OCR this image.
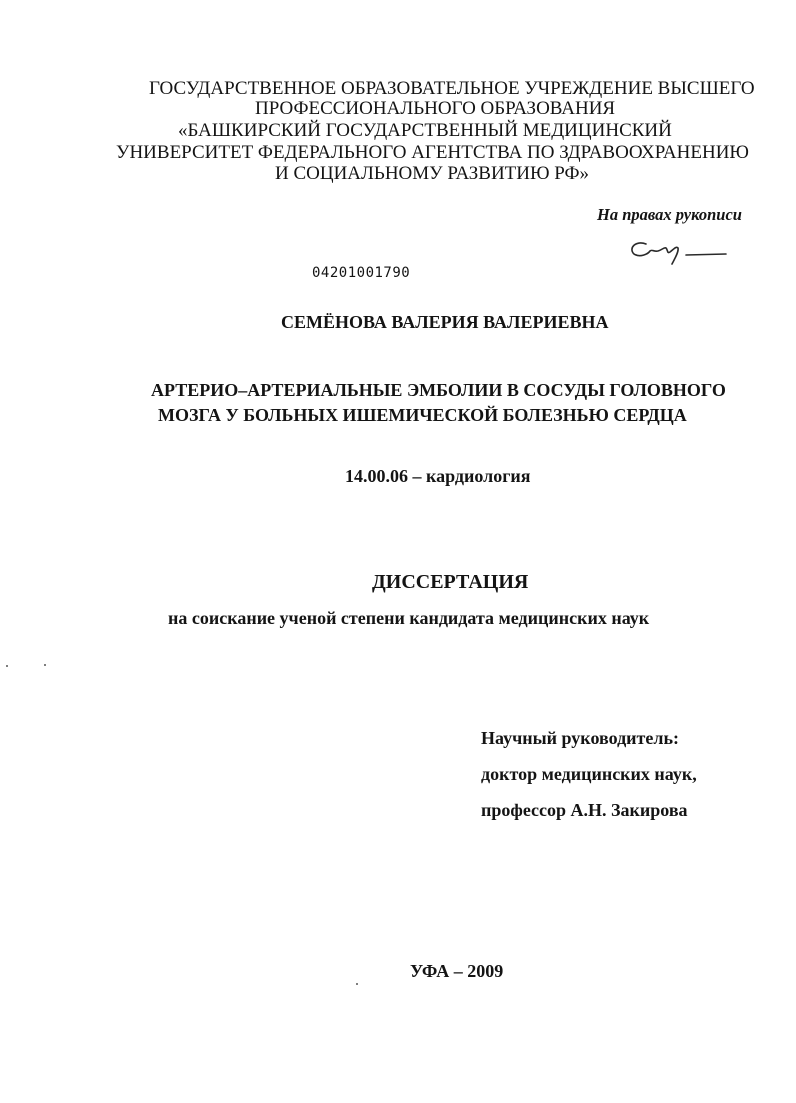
ГОСУДАРСТВЕННОЕ ОБРАЗОВАТЕЛЬНОЕ УЧРЕЖДЕНИЕ ВЫСШЕГО
ПРОФЕССИОНАЛЬНОГО ОБРАЗОВАНИЯ
«БАШКИРСКИЙ ГОСУДАРСТВЕННЫЙ МЕДИЦИНСКИЙ
УНИВЕРСИТЕТ ФЕДЕРАЛЬНОГО АГЕНТСТВА ПО ЗДРАВООХРАНЕНИЮ
И СОЦИАЛЬНОМУ РАЗВИТИЮ РФ»
На правах рукописи
04201001790
СЕМЁНОВА ВАЛЕРИЯ ВАЛЕРИЕВНА
АРТЕРИО–АРТЕРИАЛЬНЫЕ ЭМБОЛИИ В СОСУДЫ ГОЛОВНОГО
МОЗГА У БОЛЬНЫХ ИШЕМИЧЕСКОЙ БОЛЕЗНЬЮ СЕРДЦА
14.00.06 – кардиология
ДИССЕРТАЦИЯ
на соискание ученой степени кандидата медицинских наук
Научный руководитель:
доктор медицинских наук,
профессор А.Н. Закирова
УФА – 2009
